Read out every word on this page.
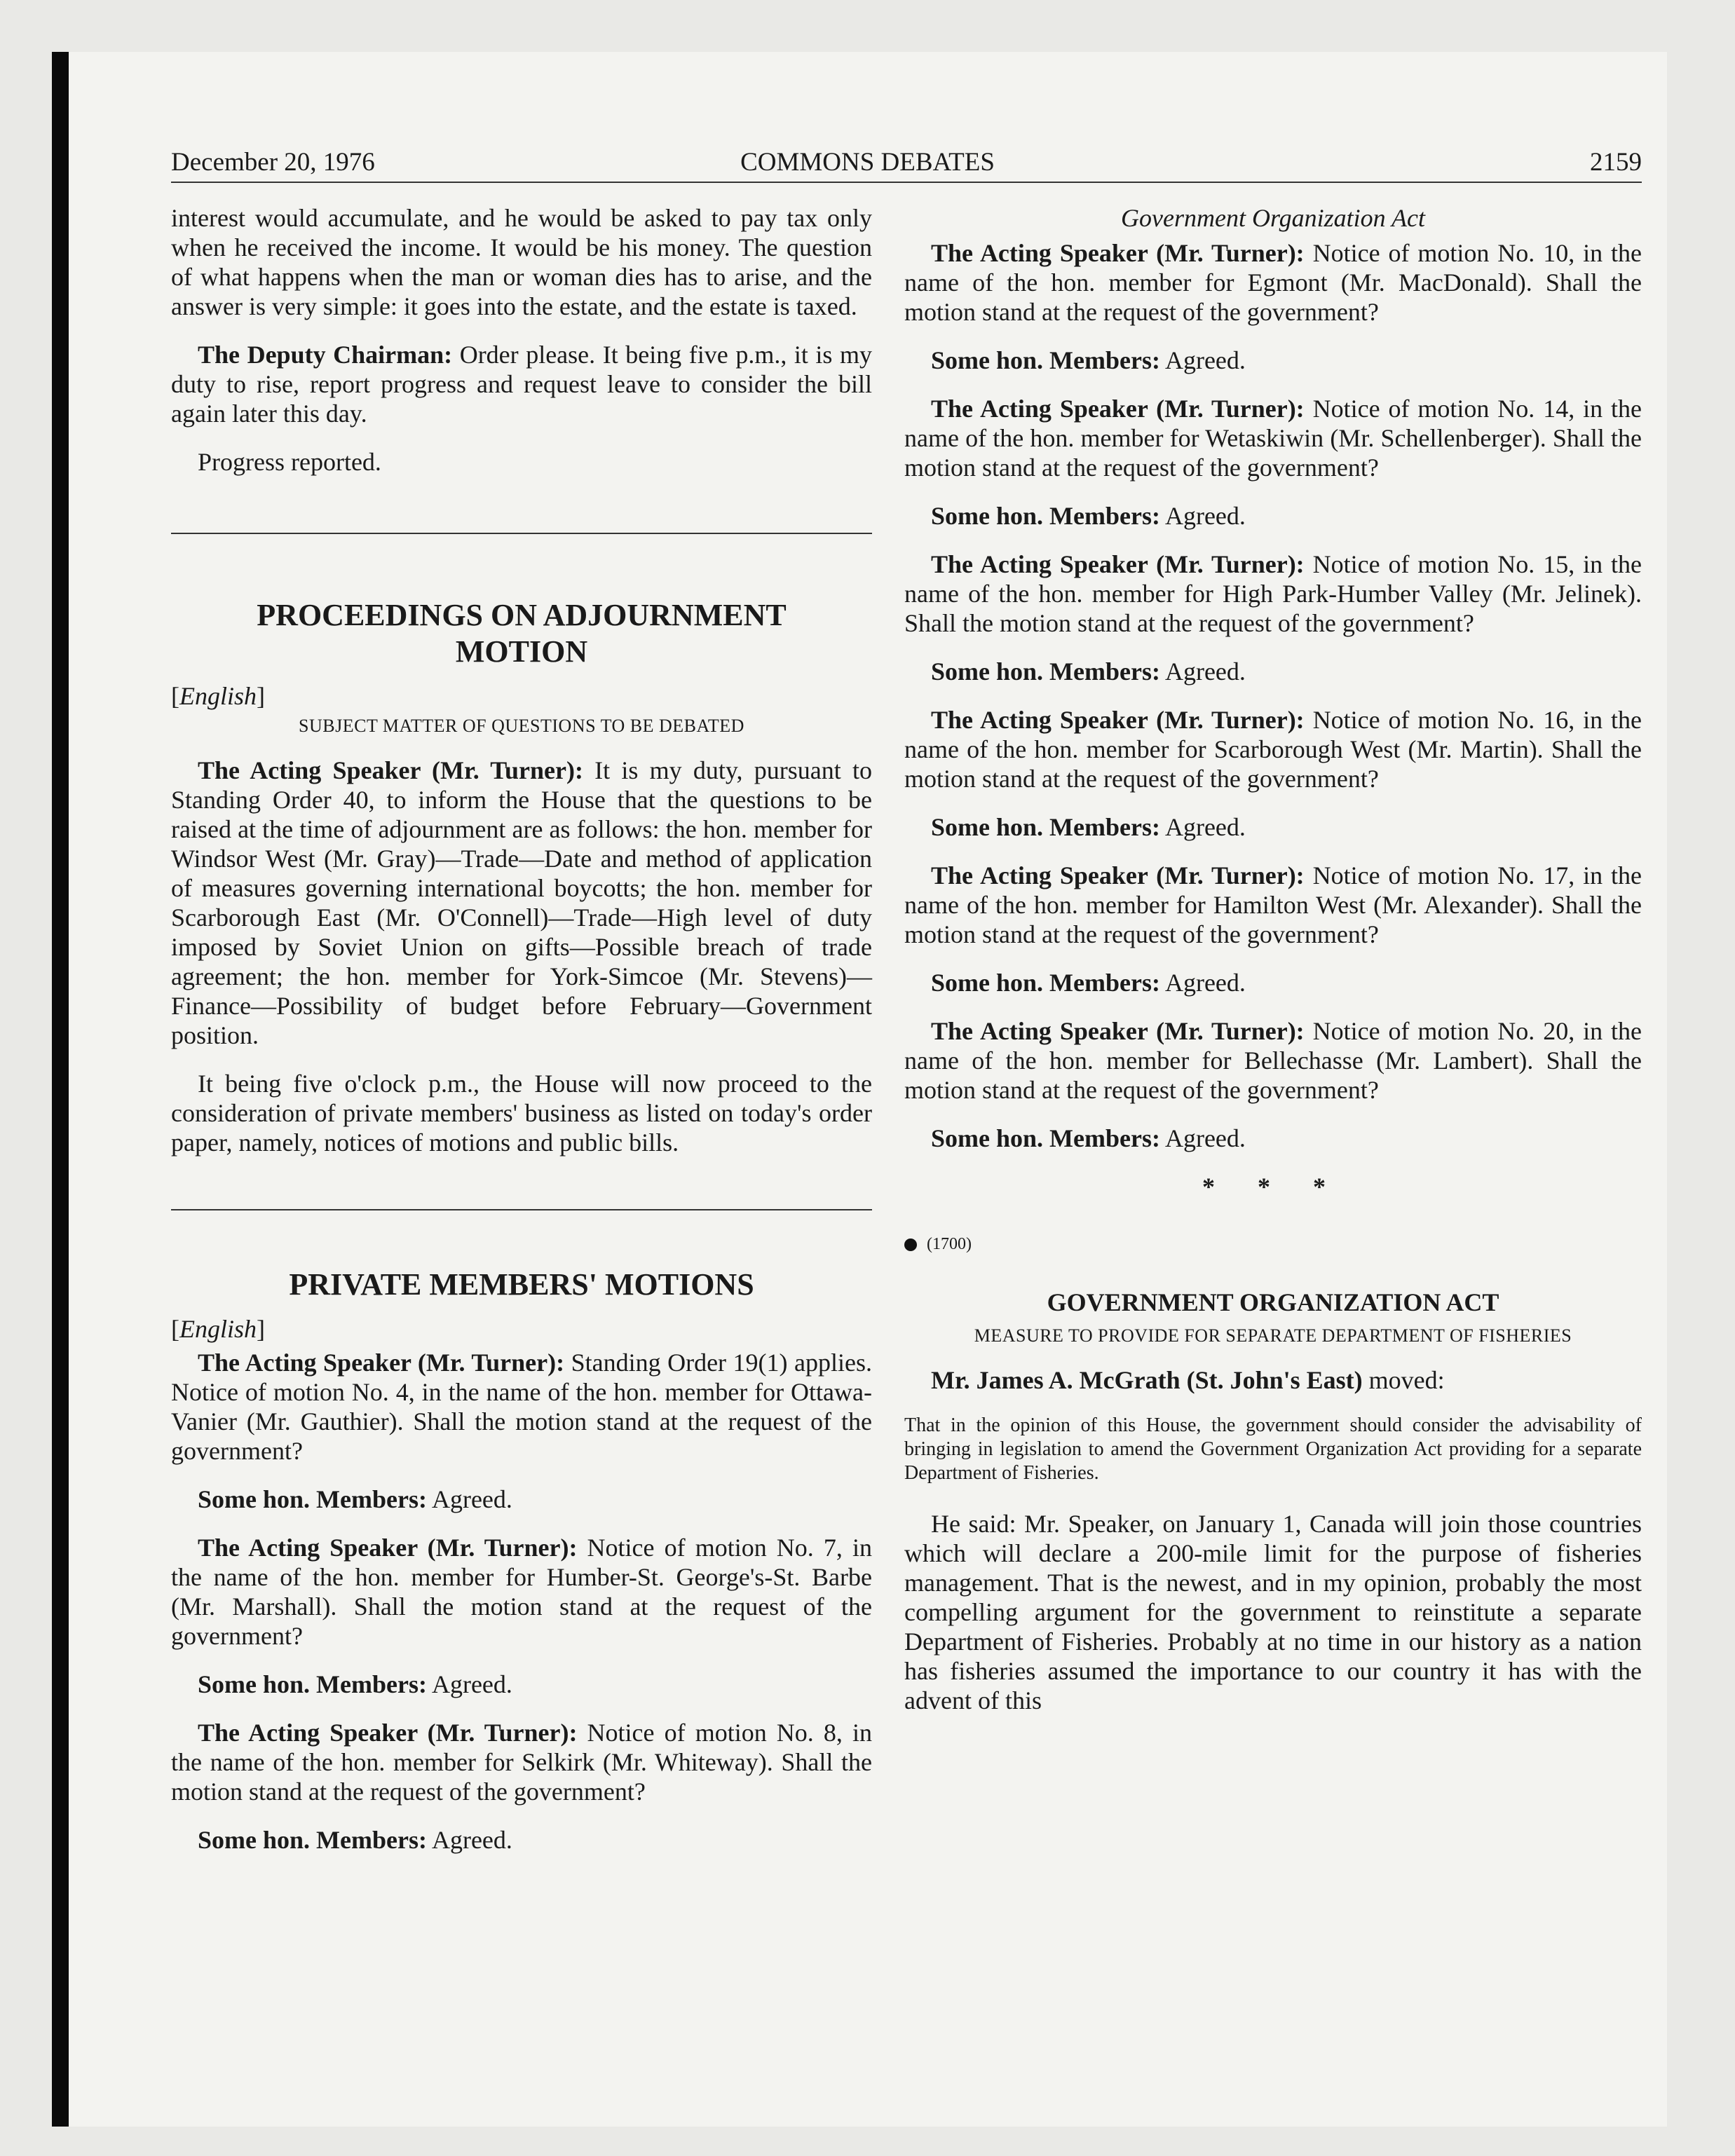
December 20, 1976	COMMONS DEBATES	2159

interest would accumulate, and he would be asked to pay tax only when he received the income. It would be his money. The question of what happens when the man or woman dies has to arise, and the answer is very simple: it goes into the estate, and the estate is taxed.

The Deputy Chairman: Order please. It being five p.m., it is my duty to rise, report progress and request leave to consider the bill again later this day.

Progress reported.

PROCEEDINGS ON ADJOURNMENT
MOTION

[English]

SUBJECT MATTER OF QUESTIONS TO BE DEBATED

The Acting Speaker (Mr. Turner): It is my duty, pursuant to Standing Order 40, to inform the House that the questions to be raised at the time of adjournment are as follows: the hon. member for Windsor West (Mr. Gray)—Trade—Date and method of application of measures governing international boycotts; the hon. member for Scarborough East (Mr. O'Connell)—Trade—High level of duty imposed by Soviet Union on gifts—Possible breach of trade agreement; the hon. member for York-Simcoe (Mr. Stevens)—Finance—Possibility of budget before February—Government position.

It being five o'clock p.m., the House will now proceed to the consideration of private members' business as listed on today's order paper, namely, notices of motions and public bills.

PRIVATE MEMBERS' MOTIONS

[English]

The Acting Speaker (Mr. Turner): Standing Order 19(1) applies. Notice of motion No. 4, in the name of the hon. member for Ottawa-Vanier (Mr. Gauthier). Shall the motion stand at the request of the government?

Some hon. Members: Agreed.

The Acting Speaker (Mr. Turner): Notice of motion No. 7, in the name of the hon. member for Humber-St. George's-St. Barbe (Mr. Marshall). Shall the motion stand at the request of the government?

Some hon. Members: Agreed.

The Acting Speaker (Mr. Turner): Notice of motion No. 8, in the name of the hon. member for Selkirk (Mr. Whiteway). Shall the motion stand at the request of the government?

Some hon. Members: Agreed.

Government Organization Act

The Acting Speaker (Mr. Turner): Notice of motion No. 10, in the name of the hon. member for Egmont (Mr. MacDonald). Shall the motion stand at the request of the government?

Some hon. Members: Agreed.

The Acting Speaker (Mr. Turner): Notice of motion No. 14, in the name of the hon. member for Wetaskiwin (Mr. Schellenberger). Shall the motion stand at the request of the government?

Some hon. Members: Agreed.

The Acting Speaker (Mr. Turner): Notice of motion No. 15, in the name of the hon. member for High Park-Humber Valley (Mr. Jelinek). Shall the motion stand at the request of the government?

Some hon. Members: Agreed.

The Acting Speaker (Mr. Turner): Notice of motion No. 16, in the name of the hon. member for Scarborough West (Mr. Martin). Shall the motion stand at the request of the government?

Some hon. Members: Agreed.

The Acting Speaker (Mr. Turner): Notice of motion No. 17, in the name of the hon. member for Hamilton West (Mr. Alexander). Shall the motion stand at the request of the government?

Some hon. Members: Agreed.

The Acting Speaker (Mr. Turner): Notice of motion No. 20, in the name of the hon. member for Bellechasse (Mr. Lambert). Shall the motion stand at the request of the government?

Some hon. Members: Agreed.

* * *

(1700)

GOVERNMENT ORGANIZATION ACT
MEASURE TO PROVIDE FOR SEPARATE DEPARTMENT OF FISHERIES

Mr. James A. McGrath (St. John's East) moved:

That in the opinion of this House, the government should consider the advisability of bringing in legislation to amend the Government Organization Act providing for a separate Department of Fisheries.

He said: Mr. Speaker, on January 1, Canada will join those countries which will declare a 200-mile limit for the purpose of fisheries management. That is the newest, and in my opinion, probably the most compelling argument for the government to reinstitute a separate Department of Fisheries. Probably at no time in our history as a nation has fisheries assumed the importance to our country it has with the advent of this
